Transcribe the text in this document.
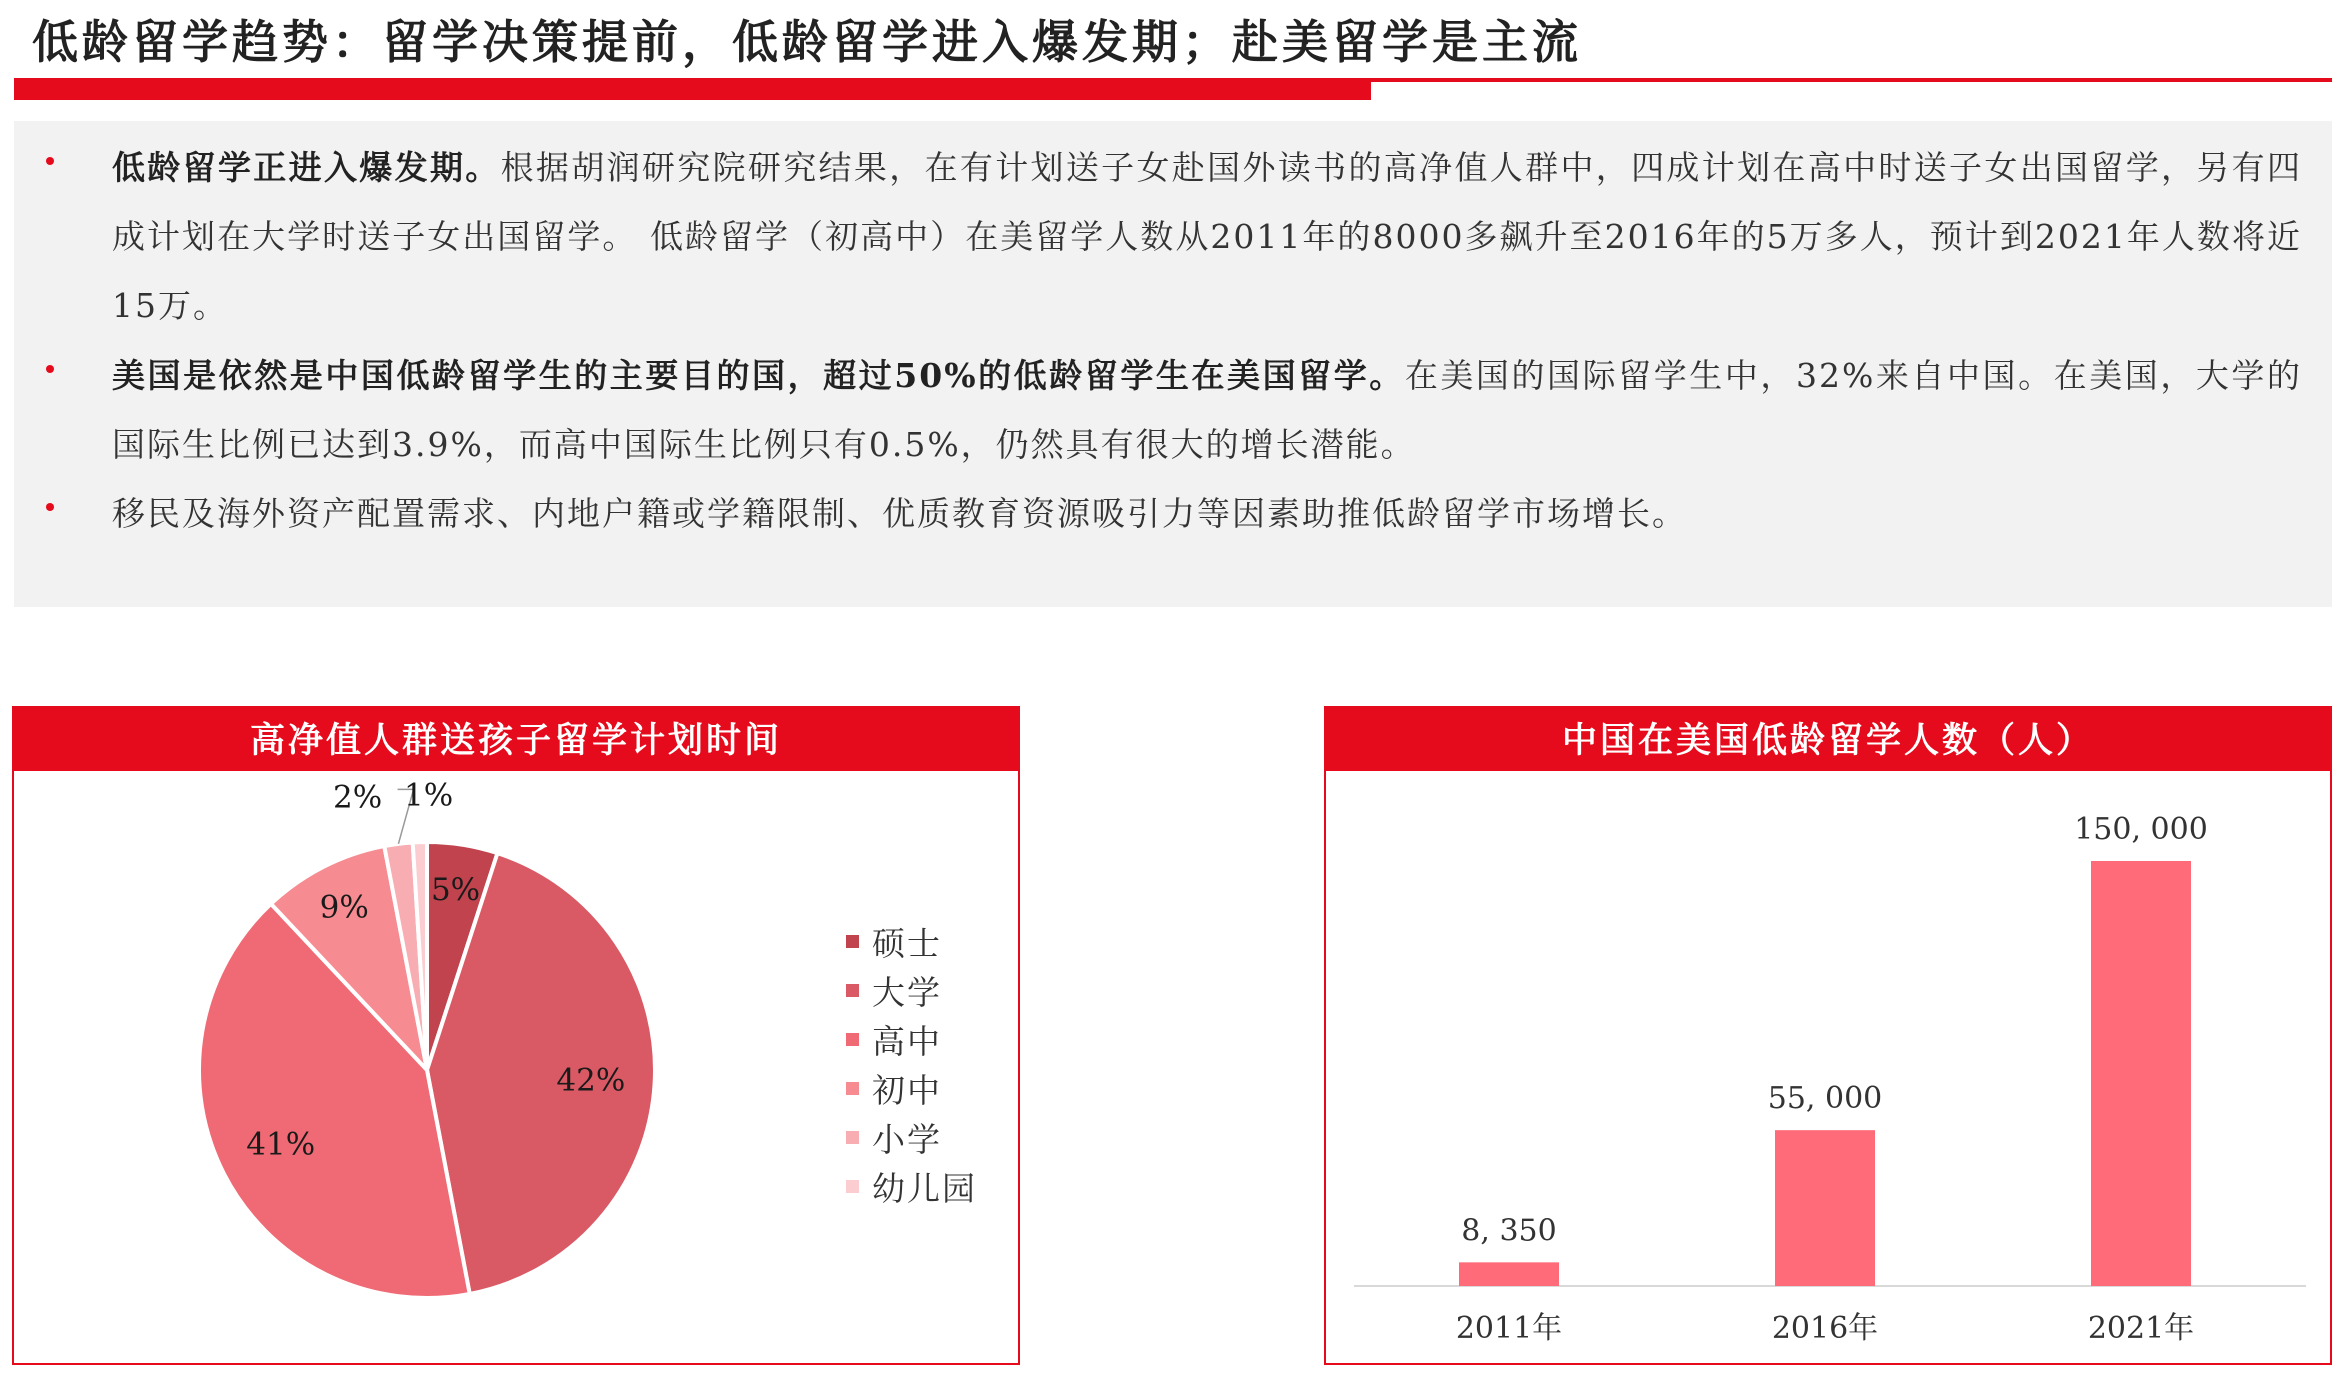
低龄留学趋势：留学决策提前，低龄留学进入爆发期；赴美留学是主流
低龄留学正进入爆发期。根据胡润研究院研究结果，在有计划送子女赴国外读书的高净值人群中，四成计划在高中时送子女出国留学，另有四成计划在大学时送子女出国留学。 低龄留学（初高中）在美留学人数从2011年的8000多飙升至2016年的5万多人，预计到2021年人数将近15万。
美国是依然是中国低龄留学生的主要目的国，超过50%的低龄留学生在美国留学。在美国的国际留学生中，32%来自中国。在美国，大学的国际生比例已达到3.9%，而高中国际生比例只有0.5%，仍然具有很大的增长潜能。
移民及海外资产配置需求、内地户籍或学籍限制、优质教育资源吸引力等因素助推低龄留学市场增长。
高净值人群送孩子留学计划时间
5%
42%
41%
9%
2% 1%
硕士
大学
高中
初中
小学
幼儿园
中国在美国低龄留学人数（人）
8, 350
2011年
55, 000
2016年
150, 000
2021年
